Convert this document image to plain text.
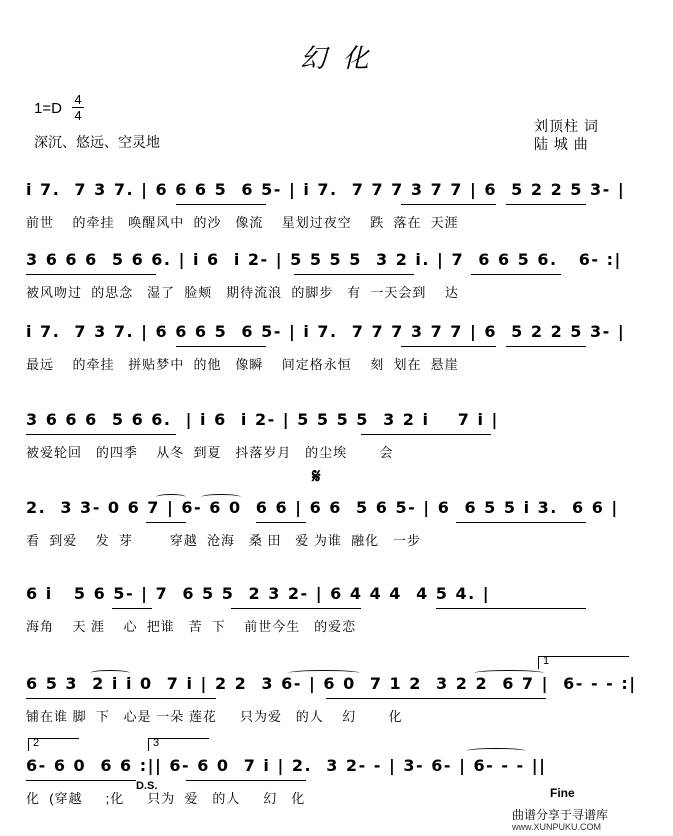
幻 化
1=D
4
4
深沉、悠远、空灵地
刘顶柱 词
陆 城 曲
i 7.  7 3 7. | 6 6 6 5  6 5- | i 7.  7 7 7 3 7 7 | 6  5 2 2 5 3- |
前世    的牵挂   唤醒风中  的沙   像流    星划过夜空    跌  落在  天涯
3 6 6 6  5 6 6. | i 6  i 2- | 5 5 5 5  3 2 i. | 7  6 6 5 6.   6- :|
被风吻过  的思念   湿了  脸颊   期待流浪  的脚步   有  一天会到    达
i 7.  7 3 7. | 6 6 6 5  6 5- | i 7.  7 7 7 3 7 7 | 6  5 2 2 5 3- |
最远    的牵挂   拼贴梦中  的他   像瞬    间定格永恒    刻  划在  悬崖
3 6 6 6  5 6 6.  | i 6  i 2- | 5 5 5 5  3 2 i    7 i |
被爱轮回   的四季    从冬  到夏   抖落岁月   的尘埃       会
𝄋
2.  3 3- 0 6 7 | 6- 6 0  6 6 | 6 6  5 6 5- | 6  6 5 5 i 3.  6 6 |
看  到爱    发  芽        穿越  沧海   桑 田   爱 为谁  融化   一步
6 i   5 6 5- | 7  6 5 5  2 3 2- | 6 4 4 4  4 5 4. |
海角    天 涯    心  把谁   苦  下    前世今生   的爱恋
1
6 5 3  2 i i 0  7 i | 2 2  3 6- | 6 0  7 1 2  3 2 2  6 7 |  6- - - :|
铺在谁 脚  下   心是 一朵 莲花     只为爱   的人    幻       化
2	3
6- 6 0  6 6 :|| 6- 6 0  7 i | 2.  3 2- - | 3- 6- | 6- - - ||
化  (穿越     ;化     只为  爱   的人     幻   化
D.S.	Fine
曲谱分享于寻谱库
www.XUNPUKU.COM
